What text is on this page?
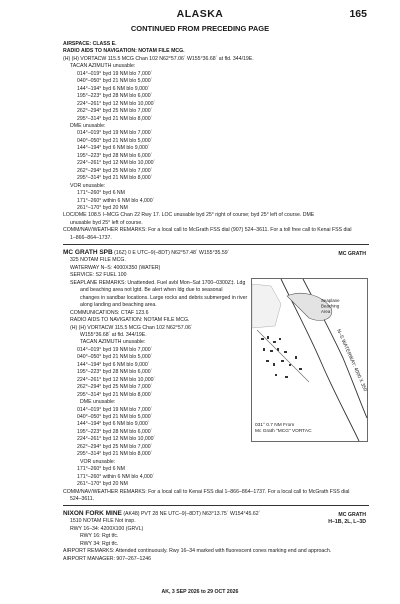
ALASKA	165
CONTINUED FROM PRECEDING PAGE
AIRSPACE: CLASS E.
RADIO AIDS TO NAVIGATION: NOTAM FILE MCG.
(H) (H) VORTACW 115.5 MCG Chan 102 N62°57.06´ W155°36.68´ at fld. 344/19E.
TACAN AZIMUTH unusable:
014°–019° byd 19 NM blo 7,000´
040°–050° byd 21 NM blo 5,000´
144°–194° byd 6 NM blo 9,000´
195°–223° byd 28 NM blo 6,000´
224°–261° byd 12 NM blo 10,000´
262°–294° byd 25 NM blo 7,000´
295°–314° byd 21 NM blo 8,000´
DME unusable:
014°–019° byd 19 NM blo 7,000´
040°–050° byd 21 NM blo 5,000´
144°–194° byd 6 NM blo 9,000´
195°–223° byd 28 NM blo 6,000´
224°–261° byd 12 NM blo 10,000´
262°–294° byd 25 NM blo 7,000´
295°–314° byd 21 NM blo 8,000´
VOR unusable:
171°–260° byd 6 NM
171°–260° within 6 NM blo 4,000´
261°–170° byd 20 NM
LOC/DME 108.5 I–MCG Chan 22 Rwy 17. LOC unusable byd 25° right of course; byd 25° left of course. DME
unusable byd 25° left of course.
COMM/NAV/WEATHER REMARKS: For a local call to McGrath FSS dial (907) 524–3611. For a toll free call to Kenai FSS dial
1–866–864–1737.
MC GRATH SPB (16Z) 0 E UTC–9(–8DT) N62°57.48´ W155°35.59´
325 NOTAM FILE MCG.
WATERWAY N–S: 4000X350 (WATER)
SERVICE: S2 FUEL 100
SEAPLANE REMARKS: Unattended. Fuel avbl Mon–Sat 1700–0300Z‡. Ldg
and beaching area not lgtd. Be alert when ldg due to seasonal
changes in sandbar locations. Large rocks and debris submerged in river
along landing and beaching area.
COMMUNICATIONS: CTAF 123.6
RADIO AIDS TO NAVIGATION: NOTAM FILE MCG.
(H) (H) VORTACW 115.5 MCG Chan 102 N62°57.06´
W155°36.68´ at fld. 344/19E.
TACAN AZIMUTH unusable:
014°–019° byd 19 NM blo 7,000´
040°–050° byd 21 NM blo 5,000´
144°–194° byd 6 NM blo 9,000´
195°–223° byd 28 NM blo 6,000´
224°–261° byd 12 NM blo 10,000´
262°–294° byd 25 NM blo 7,000´
295°–314° byd 21 NM blo 8,000´
DME unusable:
014°–019° byd 19 NM blo 7,000´
040°–050° byd 21 NM blo 5,000´
144°–194° byd 6 NM blo 9,000´
195°–223° byd 28 NM blo 6,000´
224°–261° byd 12 NM blo 10,000´
262°–294° byd 25 NM blo 7,000´
295°–314° byd 21 NM blo 8,000´
VOR unusable:
171°–260° byd 6 NM
171°–260° within 6 NM blo 4,000´
261°–170° byd 20 NM
COMM/NAV/WEATHER REMARKS: For a local call to Kenai FSS dial 1–866–864–1737. For a local call to McGrath FSS dial
524–3611.
MC GRATH
Seaplane
Beaching
Area
N–S WATERWAY: 4000 X 350
031° 0.7 NM From
Mc Grath "MCG" VORTAC
NIXON FORK MINE (AK48) PVT 28 NE UTC–9(–8DT) N63°13.75´ W154°45.62´
1510 NOTAM FILE Not insp.
RWY 16–34: 4200X100 (GRVL)
RWY 16: Rgt tfc.
RWY 34: Rgt tfc.
AIRPORT REMARKS: Attended continuously. Rwy 16–34 marked with fluorescent cones marking end and approach.
AIRPORT MANAGER: 907–267–1246
MC GRATH
H–1B, 2L, L–3D
AK, 3 SEP 2026 to 29 OCT 2026
